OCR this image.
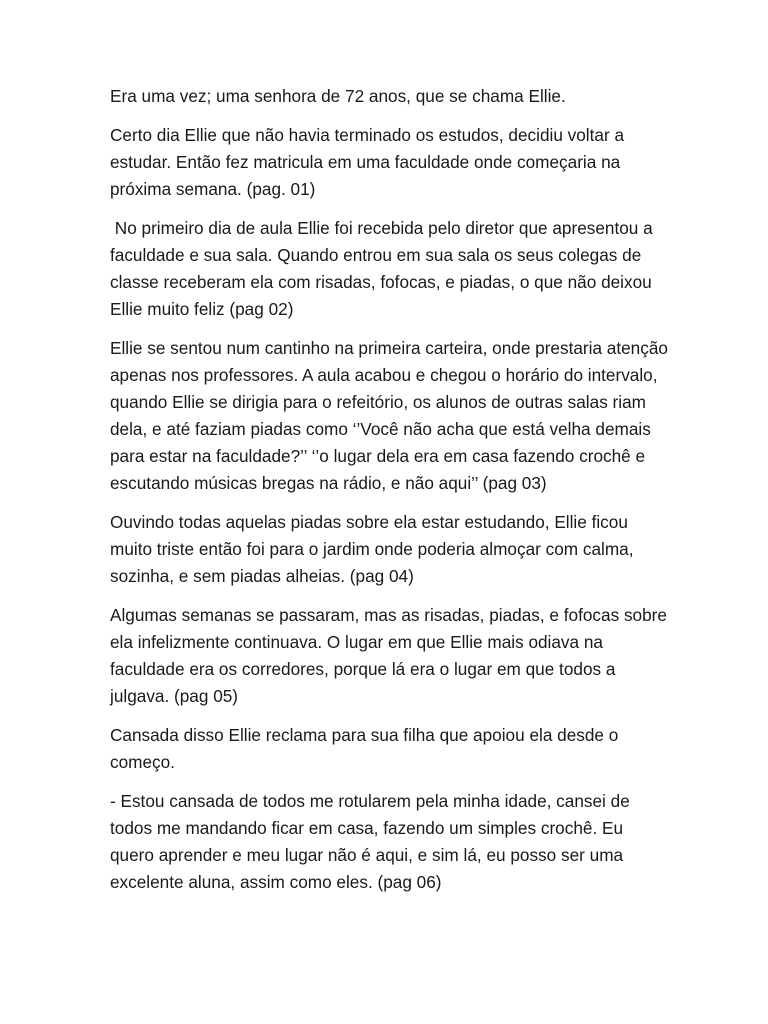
Era uma vez; uma senhora de 72 anos, que se chama Ellie.

Certo dia Ellie que não havia terminado os estudos, decidiu voltar a estudar. Então fez matricula em uma faculdade onde começaria na próxima semana. (pag. 01)

No primeiro dia de aula Ellie foi recebida pelo diretor que apresentou a faculdade e sua sala. Quando entrou em sua sala os seus colegas de classe receberam ela com risadas, fofocas, e piadas, o que não deixou Ellie muito feliz (pag 02)

Ellie se sentou num cantinho na primeira carteira, onde prestaria atenção apenas nos professores. A aula acabou e chegou o horário do intervalo, quando Ellie se dirigia para o refeitório, os alunos de outras salas riam dela, e até faziam piadas como ‘’Você não acha que está velha demais para estar na faculdade?’’ ‘’o lugar dela era em casa fazendo crochê e escutando músicas bregas na rádio, e não aqui’’ (pag 03)

Ouvindo todas aquelas piadas sobre ela estar estudando, Ellie ficou muito triste então foi para o jardim onde poderia almoçar com calma, sozinha, e sem piadas alheias. (pag 04)

Algumas semanas se passaram, mas as risadas, piadas, e fofocas sobre ela infelizmente continuava. O lugar em que Ellie mais odiava na faculdade era os corredores, porque lá era o lugar em que todos a julgava. (pag 05)

Cansada disso Ellie reclama para sua filha que apoiou ela desde o começo.

- Estou cansada de todos me rotularem pela minha idade, cansei de todos me mandando ficar em casa, fazendo um simples crochê. Eu quero aprender e meu lugar não é aqui, e sim lá, eu posso ser uma excelente aluna, assim como eles. (pag 06)
